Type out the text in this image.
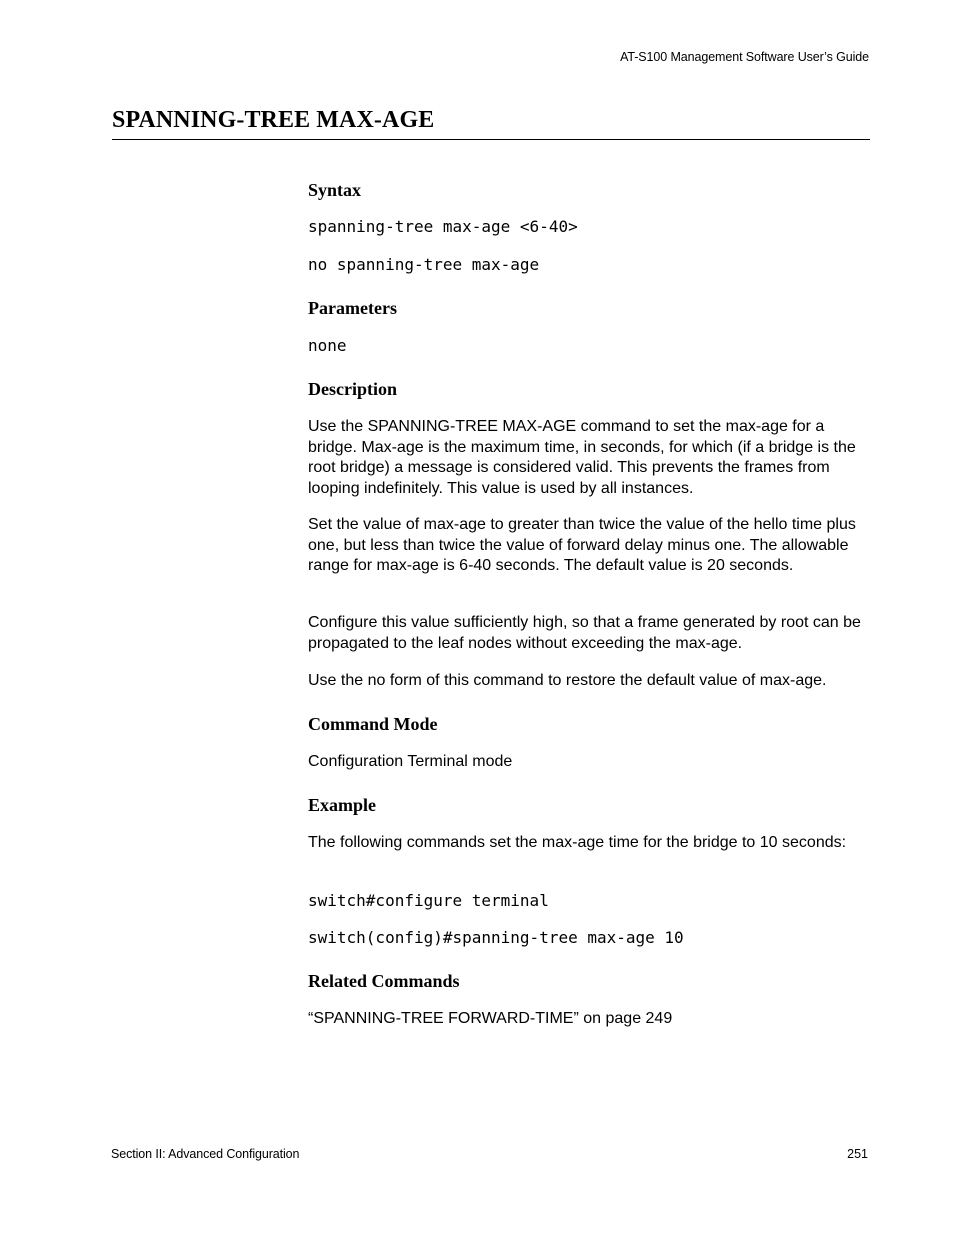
AT-S100 Management Software User’s Guide
SPANNING-TREE MAX-AGE
Syntax
spanning-tree max-age <6-40>
no spanning-tree max-age
Parameters
none
Description
Use the SPANNING-TREE MAX-AGE command to set the max-age for a bridge. Max-age is the maximum time, in seconds, for which (if a bridge is the root bridge) a message is considered valid. This prevents the frames from looping indefinitely. This value is used by all instances.
Set the value of max-age to greater than twice the value of the hello time plus one, but less than twice the value of forward delay minus one. The allowable range for max-age is 6-40 seconds. The default value is 20 seconds.
Configure this value sufficiently high, so that a frame generated by root can be propagated to the leaf nodes without exceeding the max-age.
Use the no form of this command to restore the default value of max-age.
Command Mode
Configuration Terminal mode
Example
The following commands set the max-age time for the bridge to 10 seconds:
switch#configure terminal
switch(config)#spanning-tree max-age 10
Related Commands
“SPANNING-TREE FORWARD-TIME” on page 249
Section II: Advanced Configuration	251
